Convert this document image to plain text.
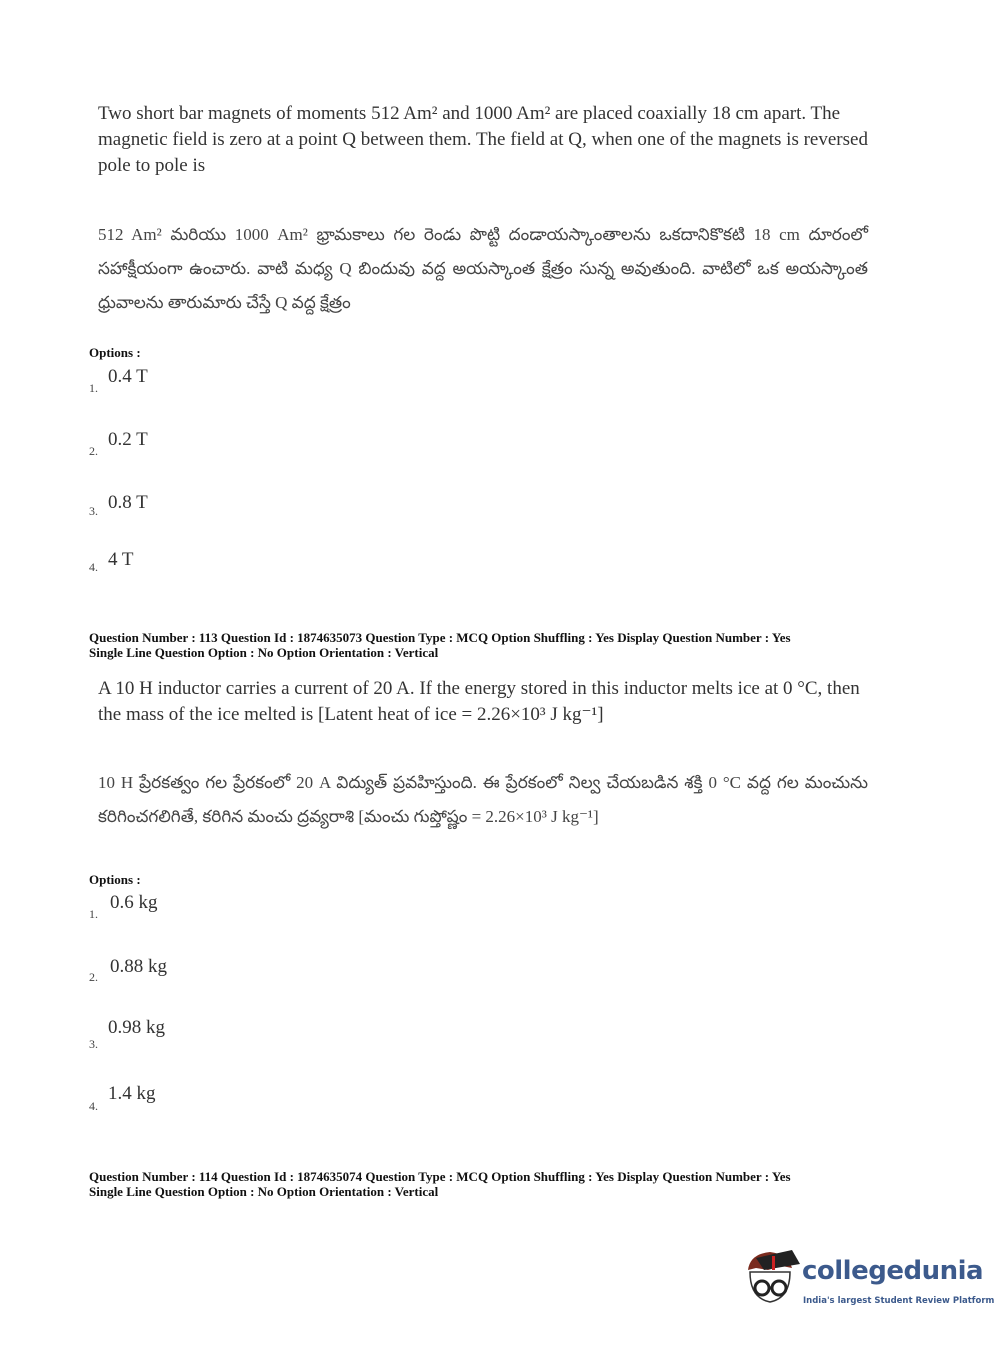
Two short bar magnets of moments 512 Am² and 1000 Am² are placed coaxially 18 cm apart. The magnetic field is zero at a point Q between them. The field at Q, when one of the magnets is reversed pole to pole is
512 Am² మరియు 1000 Am² భ్రామకాలు గల రెండు పొట్టి దండాయస్కాంతాలను ఒకదానికొకటి 18 cm దూరంలో సహాక్షీయంగా ఉంచారు. వాటి మధ్య Q బిందువు వద్ద అయస్కాంత క్షేత్రం సున్న అవుతుంది. వాటిలో ఒక అయస్కాంత ధ్రువాలను తారుమారు చేస్తే Q వద్ద క్షేత్రం
Options :
1.
0.4 T
2.
0.2 T
3. 0.8 T
4. 4 T
Question Number : 113 Question Id : 1874635073 Question Type : MCQ Option Shuffling : Yes Display Question Number : Yes
Single Line Question Option : No Option Orientation : Vertical
A 10 H inductor carries a current of 20 A. If the energy stored in this inductor melts ice at 0 °C, then the mass of the ice melted is [Latent heat of ice = 2.26×10³ J kg⁻¹]
10 H ప్రేరకత్వం గల ప్రేరకంలో 20 A విద్యుత్ ప్రవహిస్తుంది. ఈ ప్రేరకంలో నిల్వ చేయబడిన శక్తి 0 °C వద్ద గల మంచును కరిగించగలిగితే, కరిగిన మంచు ద్రవ్యరాశి [మంచు గుప్తోష్ణం = 2.26×10³ J kg⁻¹]
Options :
1.
0.6 kg
2. 0.88 kg
3.
0.98 kg
4.
1.4 kg
Question Number : 114 Question Id : 1874635074 Question Type : MCQ Option Shuffling : Yes Display Question Number : Yes
Single Line Question Option : No Option Orientation : Vertical
collegedunia
India's largest Student Review Platform
